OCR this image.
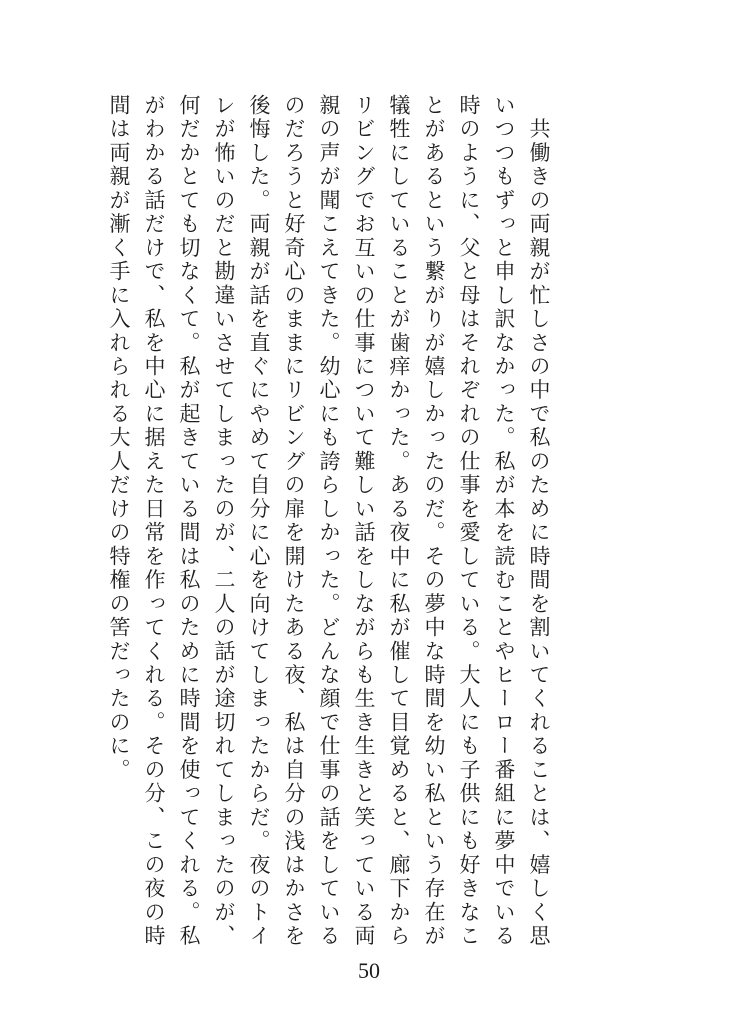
　共働きの両親が忙しさの中で私のために時間を割いてくれることは、嬉しく思いつつもずっと申し訳なかった。私が本を読むことやヒーロー番組に夢中でいる時のように、父と母はそれぞれの仕事を愛している。大人にも子供にも好きなことがあるという繋がりが嬉しかったのだ。その夢中な時間を幼い私という存在が犠牲にしていることが歯痒かった。ある夜中に私が催して目覚めると、廊下からリビングでお互いの仕事について難しい話をしながらも生き生きと笑っている両親の声が聞こえてきた。幼心にも誇らしかった。どんな顔で仕事の話をしているのだろうと好奇心のままにリビングの扉を開けたある夜、私は自分の浅はかさを後悔した。両親が話を直ぐにやめて自分に心を向けてしまったからだ。夜のトイレが怖いのだと勘違いさせてしまったのが、二人の話が途切れてしまったのが、何だかとても切なくて。私が起きている間は私のために時間を使ってくれる。私がわかる話だけで、私を中心に据えた日常を作ってくれる。その分、この夜の時間は両親が漸く手に入れられる大人だけの特権の筈だったのに。

50
